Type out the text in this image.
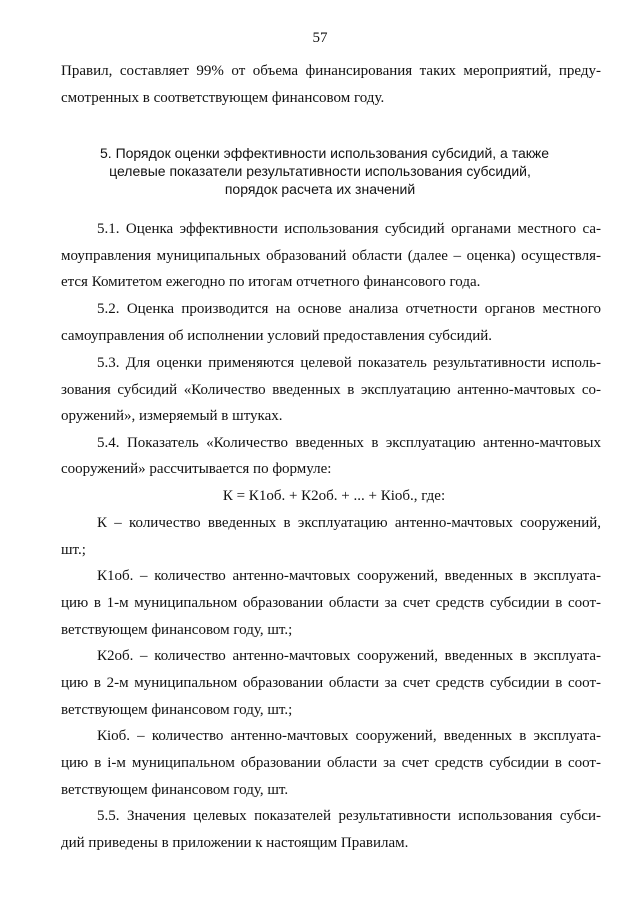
57
Правил, составляет 99% от объема финансирования таких мероприятий, преду-
смотренных в соответствующем финансовом году.
5. Порядок оценки эффективности использования субсидий, а также
целевые показатели результативности использования субсидий,
порядок расчета их значений
5.1. Оценка эффективности использования субсидий органами местного са-
моуправления муниципальных образований области (далее – оценка) осуществля-
ется Комитетом ежегодно по итогам отчетного финансового года.
5.2. Оценка производится на основе анализа отчетности органов местного
самоуправления об исполнении условий предоставления субсидий.
5.3. Для оценки применяются целевой показатель результативности исполь-
зования субсидий «Количество введенных в эксплуатацию антенно-мачтовых со-
оружений», измеряемый в штуках.
5.4. Показатель «Количество введенных в эксплуатацию антенно-мачтовых
сооружений» рассчитывается по формуле:
К = К1об. + К2об. + ... + Кiоб., где:
К – количество введенных в эксплуатацию антенно-мачтовых сооружений,
шт.;
К1об. – количество антенно-мачтовых сооружений, введенных в эксплуата-
цию в 1-м муниципальном образовании области за счет средств субсидии в соот-
ветствующем финансовом году, шт.;
К2об. – количество антенно-мачтовых сооружений, введенных в эксплуата-
цию в 2-м муниципальном образовании области за счет средств субсидии в соот-
ветствующем финансовом году, шт.;
Кiоб. – количество антенно-мачтовых сооружений, введенных в эксплуата-
цию в i-м муниципальном образовании области за счет средств субсидии в соот-
ветствующем финансовом году, шт.
5.5. Значения целевых показателей результативности использования субси-
дий приведены в приложении к настоящим Правилам.
